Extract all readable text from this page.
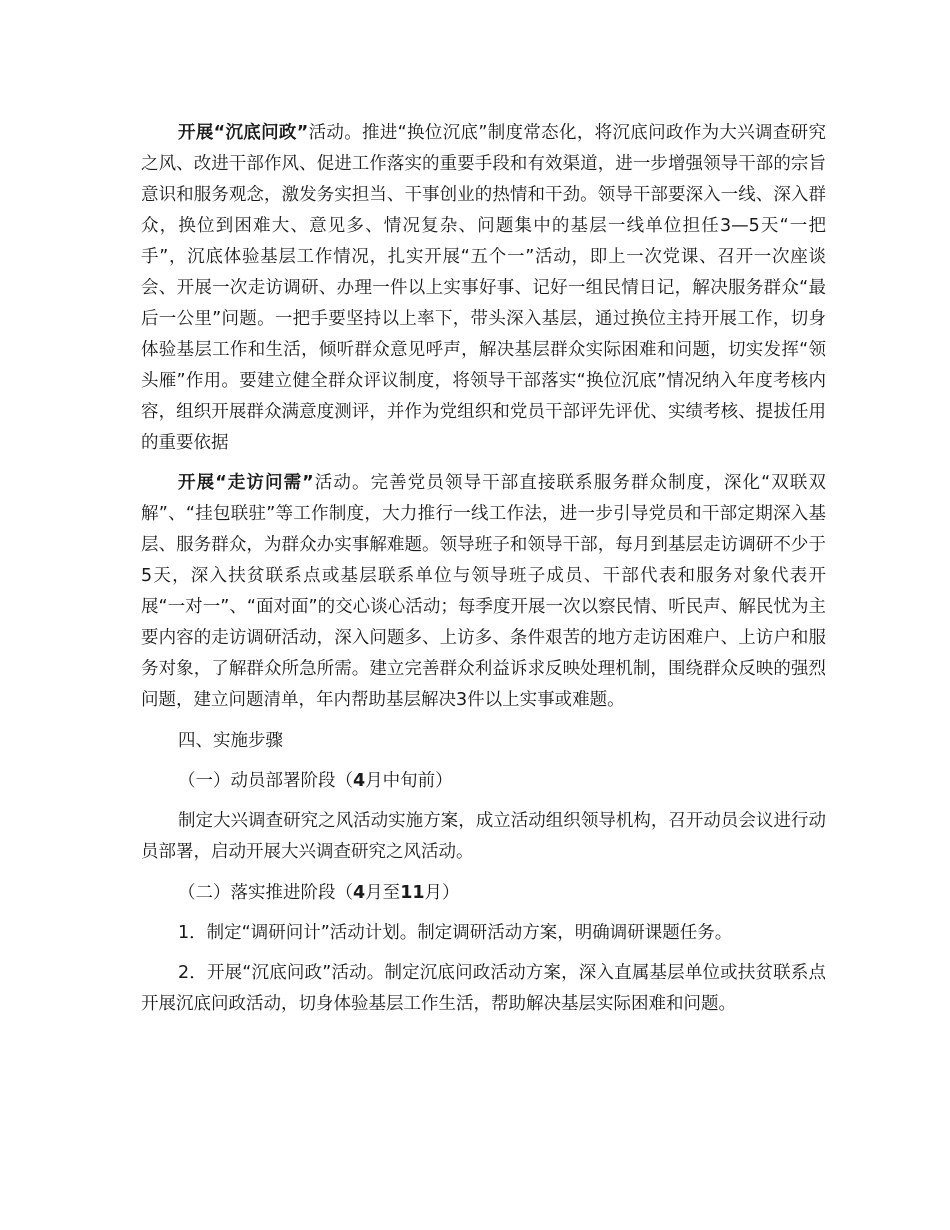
开展“沉底问政”活动。推进“换位沉底”制度常态化，将沉底问政作为大兴调查研究之风、改进干部作风、促进工作落实的重要手段和有效渠道，进一步增强领导干部的宗旨意识和服务观念，激发务实担当、干事创业的热情和干劲。领导干部要深入一线、深入群众，换位到困难大、意见多、情况复杂、问题集中的基层一线单位担任3—5天“一把手”，沉底体验基层工作情况，扎实开展“五个一”活动，即上一次党课、召开一次座谈会、开展一次走访调研、办理一件以上实事好事、记好一组民情日记，解决服务群众“最后一公里”问题。一把手要坚持以上率下，带头深入基层，通过换位主持开展工作，切身体验基层工作和生活，倾听群众意见呼声，解决基层群众实际困难和问题，切实发挥“领头雁”作用。要建立健全群众评议制度，将领导干部落实“换位沉底”情况纳入年度考核内容，组织开展群众满意度测评，并作为党组织和党员干部评先评优、实绩考核、提拔任用的重要依据

开展“走访问需”活动。完善党员领导干部直接联系服务群众制度，深化“双联双解”、“挂包联驻”等工作制度，大力推行一线工作法，进一步引导党员和干部定期深入基层、服务群众，为群众办实事解难题。领导班子和领导干部，每月到基层走访调研不少于5天，深入扶贫联系点或基层联系单位与领导班子成员、干部代表和服务对象代表开展“一对一”、“面对面”的交心谈心活动；每季度开展一次以察民情、听民声、解民忧为主要内容的走访调研活动，深入问题多、上访多、条件艰苦的地方走访困难户、上访户和服务对象，了解群众所急所需。建立完善群众利益诉求反映处理机制，围绕群众反映的强烈问题，建立问题清单，年内帮助基层解决3件以上实事或难题。

四、实施步骤

（一）动员部署阶段（4月中旬前）

制定大兴调查研究之风活动实施方案，成立活动组织领导机构，召开动员会议进行动员部署，启动开展大兴调查研究之风活动。

（二）落实推进阶段（4月至11月）

1．制定“调研问计”活动计划。制定调研活动方案，明确调研课题任务。

2．开展“沉底问政”活动。制定沉底问政活动方案，深入直属基层单位或扶贫联系点开展沉底问政活动，切身体验基层工作生活，帮助解决基层实际困难和问题。
